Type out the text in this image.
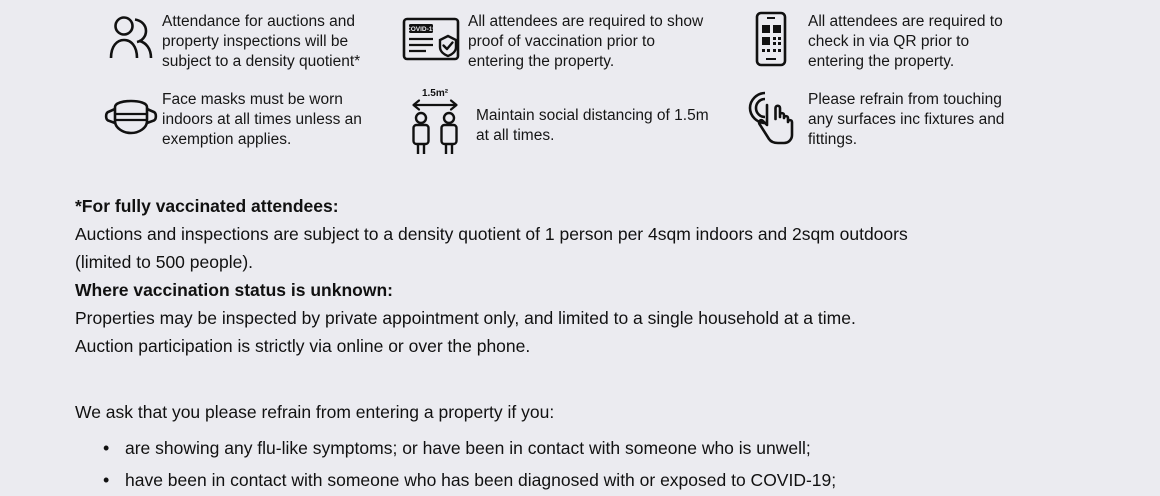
Attendance for auctions and property inspections will be subject to a density quotient*
COVID-19 All attendees are required to show proof of vaccination prior to entering the property.
All attendees are required to check in via QR prior to entering the property.
Face masks must be worn indoors at all times unless an exemption applies.
1.5m²
Maintain social distancing of 1.5m at all times.
Please refrain from touching any surfaces inc fixtures and fittings.

*For fully vaccinated attendees:

Auctions and inspections are subject to a density quotient of 1 person per 4sqm indoors and 2sqm outdoors

(limited to 500 people).

Where vaccination status is unknown:

Properties may be inspected by private appointment only, and limited to a single household at a time.

Auction participation is strictly via online or over the phone.

We ask that you please refrain from entering a property if you:

• are showing any flu-like symptoms; or have been in contact with someone who is unwell;
• have been in contact with someone who has been diagnosed with or exposed to COVID-19;
